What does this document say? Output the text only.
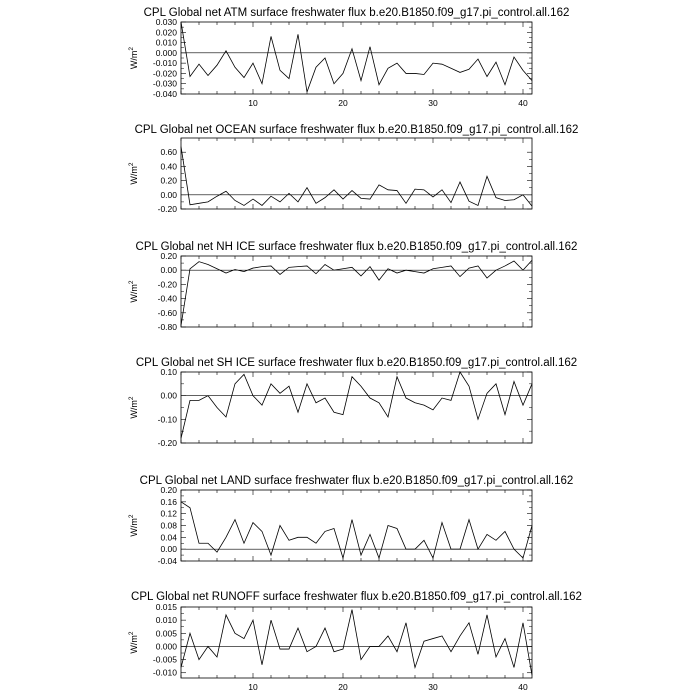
CPL Global net ATM surface freshwater flux b.e20.B1850.f09_g17.pi_control.all.162
10	20	30	40
-0.040
-0.030
-0.020
-0.010
0.000
0.010
0.020
0.030
$W/m^2$
CPL Global net OCEAN surface freshwater flux b.e20.B1850.f09_g17.pi_control.all.162
-0.20
0.00
0.20
0.40
0.60
$W/m^2$
CPL Global net NH ICE surface freshwater flux b.e20.B1850.f09_g17.pi_control.all.162
-0.80
-0.60
-0.40
-0.20
0.00
0.20
$W/m^2$
CPL Global net SH ICE surface freshwater flux b.e20.B1850.f09_g17.pi_control.all.162
-0.20
-0.10
0.00
0.10
$W/m^2$
CPL Global net LAND surface freshwater flux b.e20.B1850.f09_g17.pi_control.all.162
-0.04
0.00
0.04
0.08
0.12
0.16
0.20
$W/m^2$
CPL Global net RUNOFF surface freshwater flux b.e20.B1850.f09_g17.pi_control.all.162
10	20	30	40
-0.010
-0.005
0.000
0.005
0.010
0.015
$W/m^2$
